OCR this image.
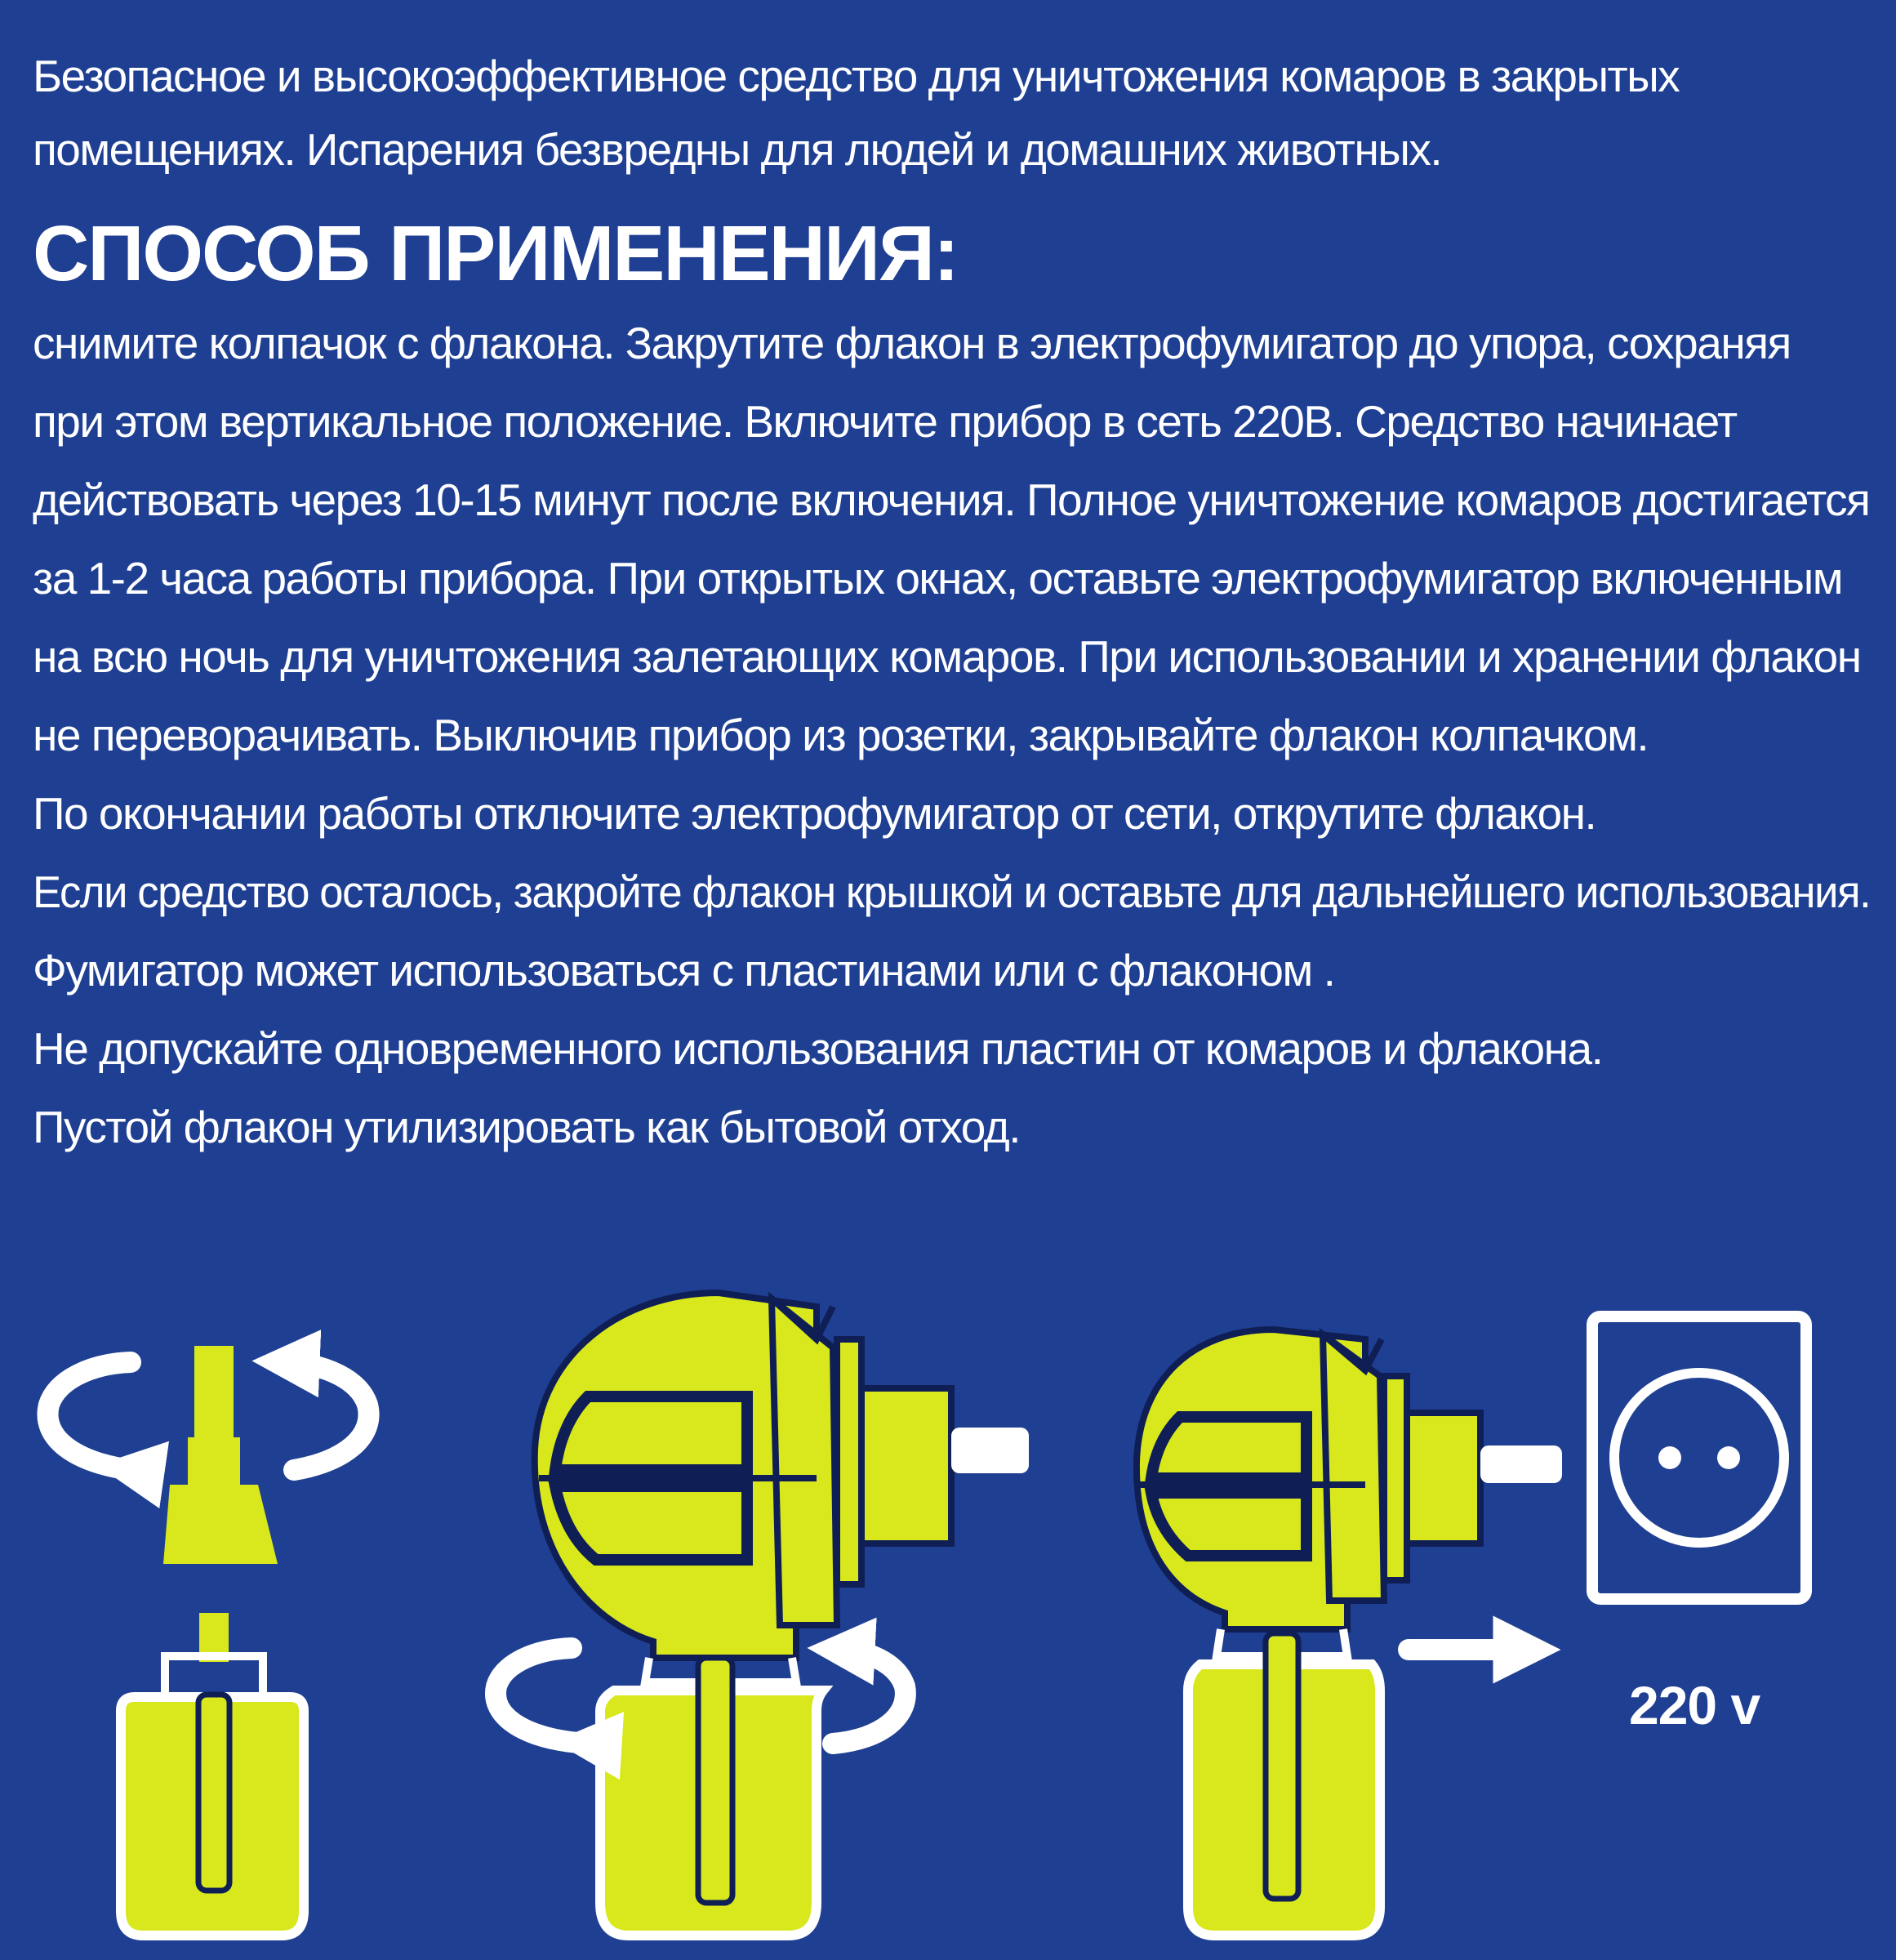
Безопасное и высокоэффективное средство для уничтожения комаров в закрытых

помещениях. Испарения безвредны для людей и домашних животных.

СПОСОБ ПРИМЕНЕНИЯ:

снимите колпачок с флакона. Закрутите флакон в электрофумигатор до упора, сохраняя

при этом вертикальное положение. Включите прибор в сеть 220В. Средство начинает

действовать через 10-15 минут после включения. Полное уничтожение комаров достигается

за 1-2 часа работы прибора. При открытых окнах, оставьте электрофумигатор включенным

на всю ночь для уничтожения залетающих комаров. При использовании и хранении флакон

не переворачивать. Выключив прибор из розетки, закрывайте флакон колпачком.

По окончании работы отключите электрофумигатор от сети, открутите флакон.

Если средство осталось, закройте флакон крышкой и оставьте для дальнейшего использования.

Фумигатор может использоваться с пластинами или с флаконом .

Не допускайте одновременного использования пластин от комаров и флакона.

Пустой флакон утилизировать как бытовой отход.

220 v
